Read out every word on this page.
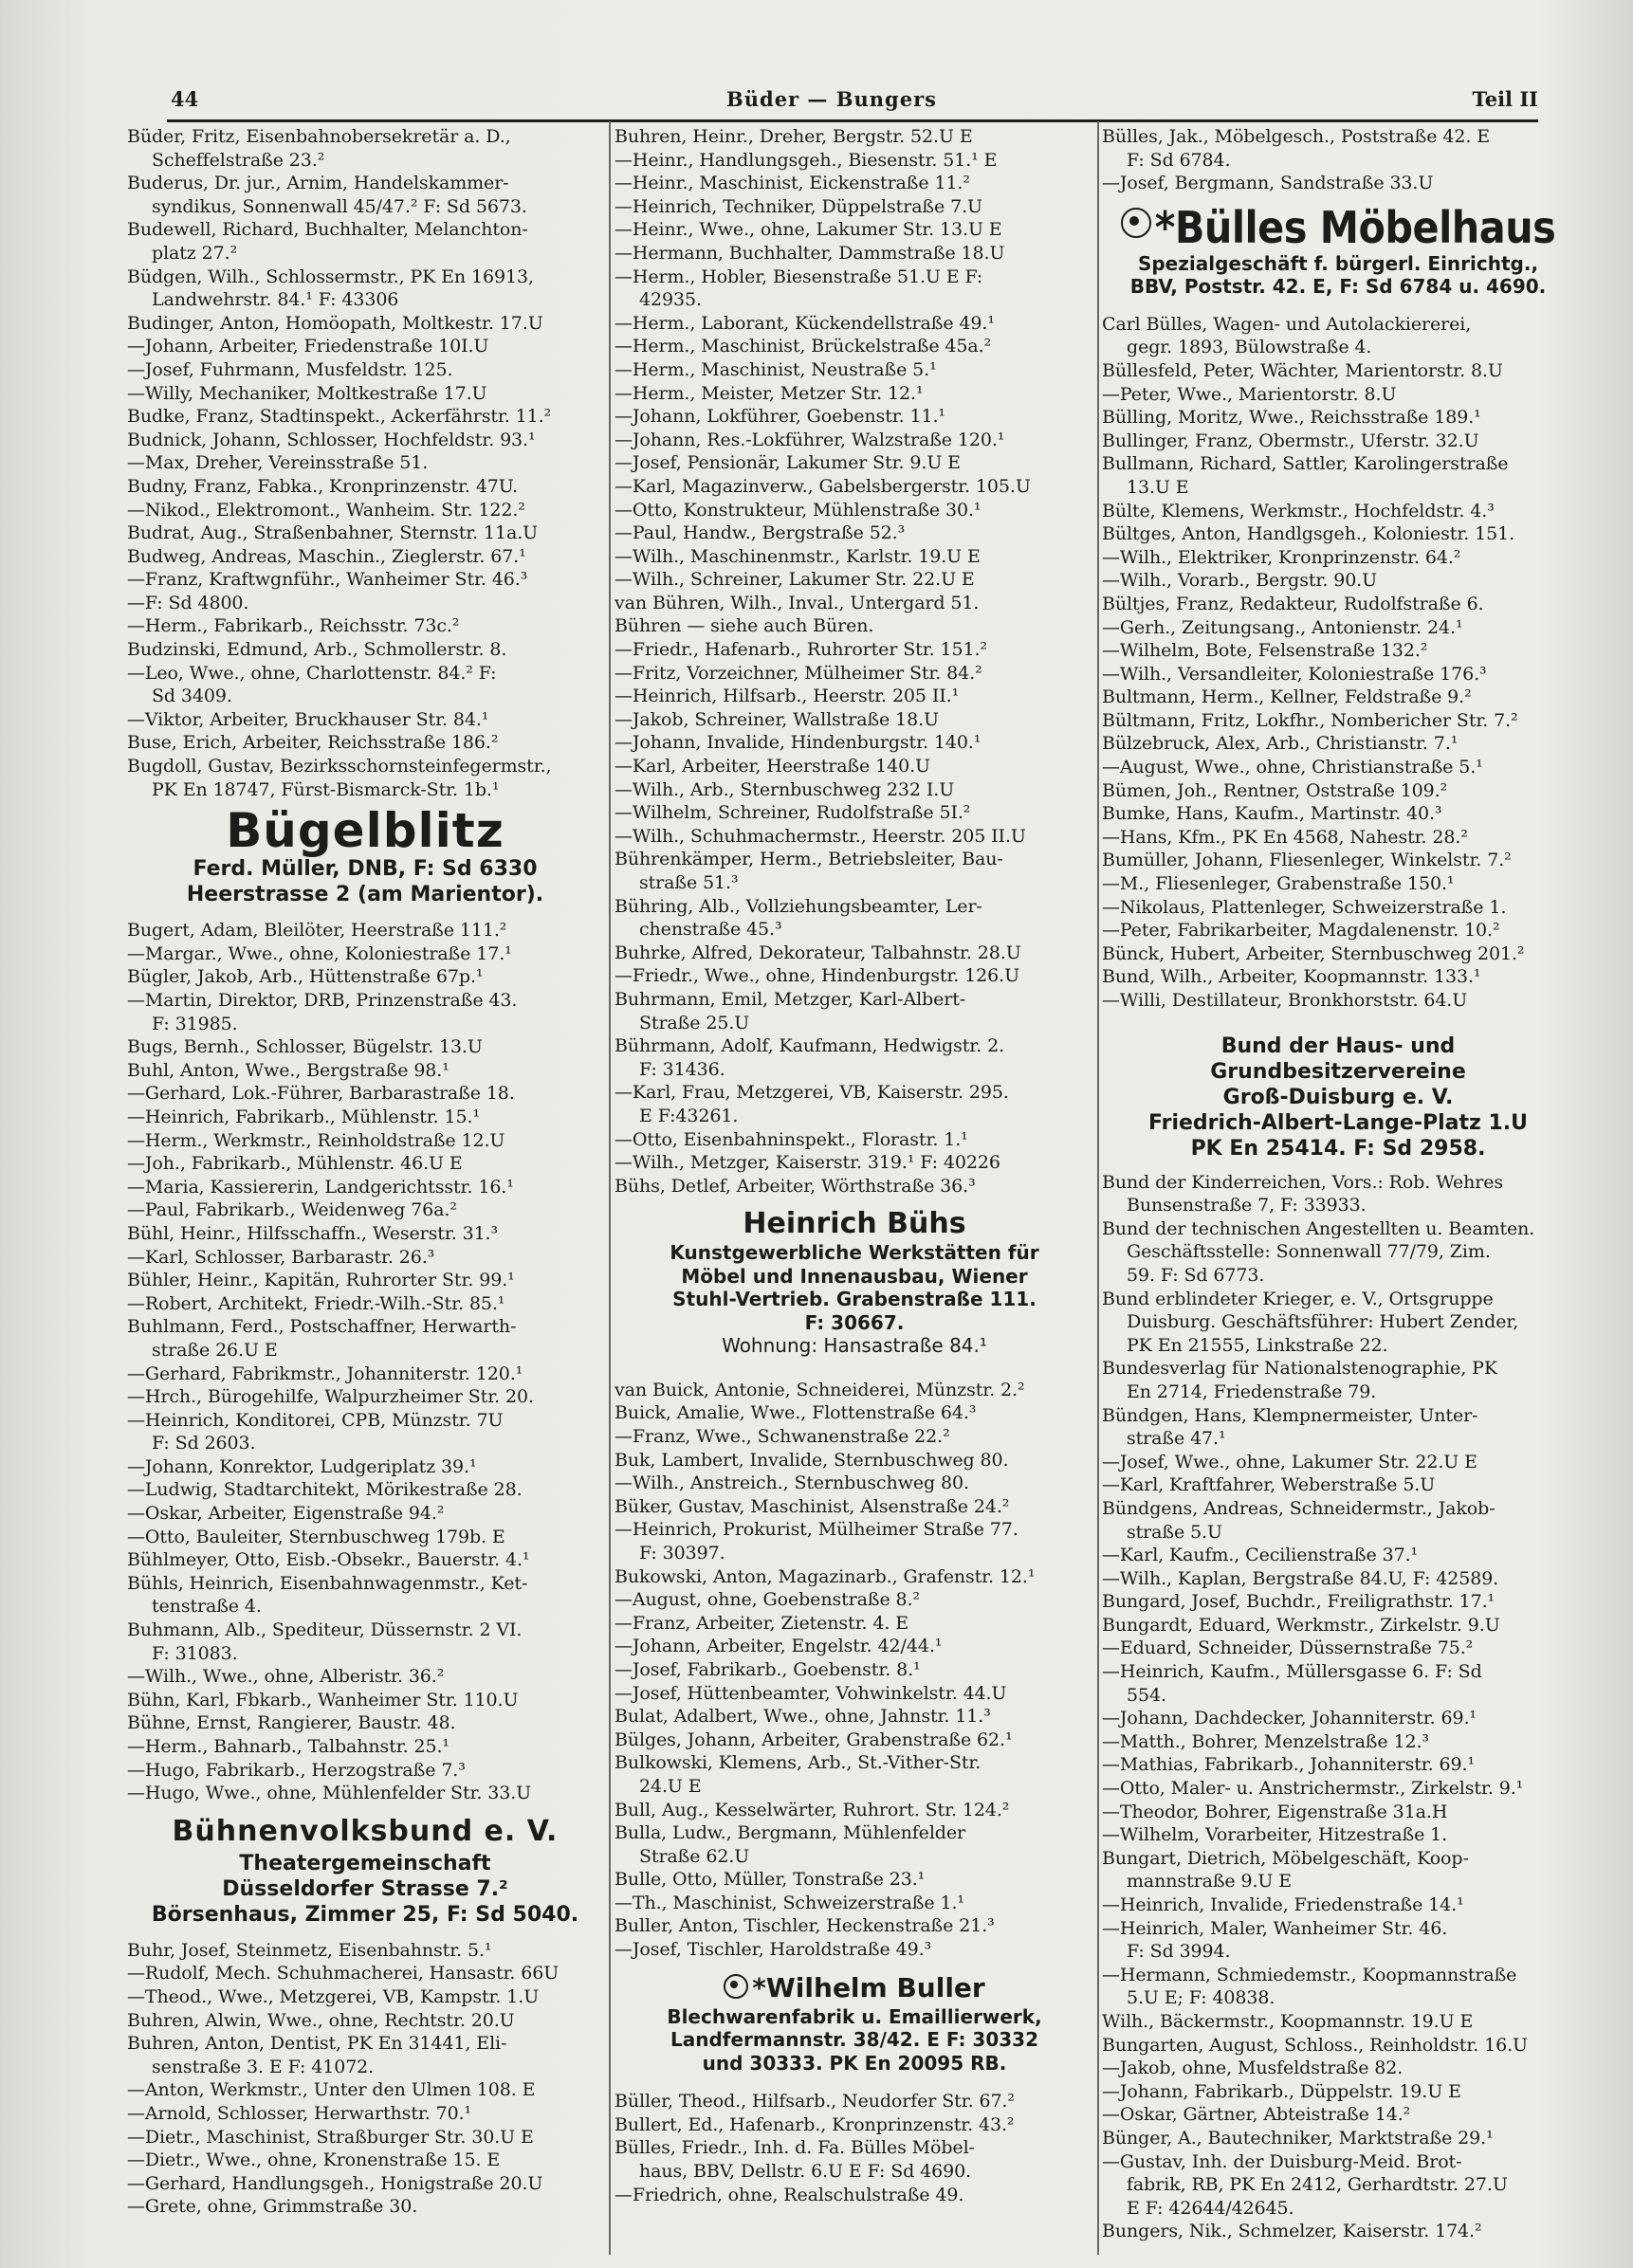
44	Büder — Bungers	Teil II
Büder, Fritz, Eisenbahnobersekretär a. D.,
Scheffelstraße 23.²
Buderus, Dr. jur., Arnim, Handelskammer-
syndikus, Sonnenwall 45/47.² F: Sd 5673.
Budewell, Richard, Buchhalter, Melanchton-
platz 27.²
Büdgen, Wilh., Schlossermstr., PK En 16913,
Landwehrstr. 84.¹ F: 43306
Budinger, Anton, Homöopath, Moltkestr. 17.U
—Johann, Arbeiter, Friedenstraße 10I.U
—Josef, Fuhrmann, Musfeldstr. 125.
—Willy, Mechaniker, Moltkestraße 17.U
Budke, Franz, Stadtinspekt., Ackerfährstr. 11.²
Budnick, Johann, Schlosser, Hochfeldstr. 93.¹
—Max, Dreher, Vereinsstraße 51.
Budny, Franz, Fabka., Kronprinzenstr. 47U.
—Nikod., Elektromont., Wanheim. Str. 122.²
Budrat, Aug., Straßenbahner, Sternstr. 11a.U
Budweg, Andreas, Maschin., Zieglerstr. 67.¹
—Franz, Kraftwgnführ., Wanheimer Str. 46.³
—F: Sd 4800.
—Herm., Fabrikarb., Reichsstr. 73c.²
Budzinski, Edmund, Arb., Schmollerstr. 8.
—Leo, Wwe., ohne, Charlottenstr. 84.² F:
Sd 3409.
—Viktor, Arbeiter, Bruckhauser Str. 84.¹
Buse, Erich, Arbeiter, Reichsstraße 186.²
Bugdoll, Gustav, Bezirksschornsteinfegermstr.,
PK En 18747, Fürst-Bismarck-Str. 1b.¹
Bügelblitz
Ferd. Müller, DNB, F: Sd 6330
Heerstrasse 2 (am Marientor).
Bugert, Adam, Bleilöter, Heerstraße 111.²
—Margar., Wwe., ohne, Koloniestraße 17.¹
Bügler, Jakob, Arb., Hüttenstraße 67p.¹
—Martin, Direktor, DRB, Prinzenstraße 43.
F: 31985.
Bugs, Bernh., Schlosser, Bügelstr. 13.U
Buhl, Anton, Wwe., Bergstraße 98.¹
—Gerhard, Lok.-Führer, Barbarastraße 18.
—Heinrich, Fabrikarb., Mühlenstr. 15.¹
—Herm., Werkmstr., Reinholdstraße 12.U
—Joh., Fabrikarb., Mühlenstr. 46.U E
—Maria, Kassiererin, Landgerichtsstr. 16.¹
—Paul, Fabrikarb., Weidenweg 76a.²
Bühl, Heinr., Hilfsschaffn., Weserstr. 31.³
—Karl, Schlosser, Barbarastr. 26.³
Bühler, Heinr., Kapitän, Ruhrorter Str. 99.¹
—Robert, Architekt, Friedr.-Wilh.-Str. 85.¹
Buhlmann, Ferd., Postschaffner, Herwarth-
straße 26.U E
—Gerhard, Fabrikmstr., Johanniterstr. 120.¹
—Hrch., Bürogehilfe, Walpurzheimer Str. 20.
—Heinrich, Konditorei, CPB, Münzstr. 7U
F: Sd 2603.
—Johann, Konrektor, Ludgeriplatz 39.¹
—Ludwig, Stadtarchitekt, Mörikestraße 28.
—Oskar, Arbeiter, Eigenstraße 94.²
—Otto, Bauleiter, Sternbuschweg 179b. E
Bühlmeyer, Otto, Eisb.-Obsekr., Bauerstr. 4.¹
Bühls, Heinrich, Eisenbahnwagenmstr., Ket-
tenstraße 4.
Buhmann, Alb., Spediteur, Düssernstr. 2 VI.
F: 31083.
—Wilh., Wwe., ohne, Alberistr. 36.²
Bühn, Karl, Fbkarb., Wanheimer Str. 110.U
Bühne, Ernst, Rangierer, Baustr. 48.
—Herm., Bahnarb., Talbahnstr. 25.¹
—Hugo, Fabrikarb., Herzogstraße 7.³
—Hugo, Wwe., ohne, Mühlenfelder Str. 33.U
Bühnenvolksbund e. V.
Theatergemeinschaft
Düsseldorfer Strasse 7.²
Börsenhaus, Zimmer 25, F: Sd 5040.
Buhr, Josef, Steinmetz, Eisenbahnstr. 5.¹
—Rudolf, Mech. Schuhmacherei, Hansastr. 66U
—Theod., Wwe., Metzgerei, VB, Kampstr. 1.U
Buhren, Alwin, Wwe., ohne, Rechtstr. 20.U
Buhren, Anton, Dentist, PK En 31441, Eli-
senstraße 3. E F: 41072.
—Anton, Werkmstr., Unter den Ulmen 108. E
—Arnold, Schlosser, Herwarthstr. 70.¹
—Dietr., Maschinist, Straßburger Str. 30.U E
—Dietr., Wwe., ohne, Kronenstraße 15. E
—Gerhard, Handlungsgeh., Honigstraße 20.U
—Grete, ohne, Grimmstraße 30.
Buhren, Heinr., Dreher, Bergstr. 52.U E
—Heinr., Handlungsgeh., Biesenstr. 51.¹ E
—Heinr., Maschinist, Eickenstraße 11.²
—Heinrich, Techniker, Düppelstraße 7.U
—Heinr., Wwe., ohne, Lakumer Str. 13.U E
—Hermann, Buchhalter, Dammstraße 18.U
—Herm., Hobler, Biesenstraße 51.U E F:
42935.
—Herm., Laborant, Kückendellstraße 49.¹
—Herm., Maschinist, Brückelstraße 45a.²
—Herm., Maschinist, Neustraße 5.¹
—Herm., Meister, Metzer Str. 12.¹
—Johann, Lokführer, Goebenstr. 11.¹
—Johann, Res.-Lokführer, Walzstraße 120.¹
—Josef, Pensionär, Lakumer Str. 9.U E
—Karl, Magazinverw., Gabelsbergerstr. 105.U
—Otto, Konstrukteur, Mühlenstraße 30.¹
—Paul, Handw., Bergstraße 52.³
—Wilh., Maschinenmstr., Karlstr. 19.U E
—Wilh., Schreiner, Lakumer Str. 22.U E
van Bühren, Wilh., Inval., Untergard 51.
Bühren — siehe auch Büren.
—Friedr., Hafenarb., Ruhrorter Str. 151.²
—Fritz, Vorzeichner, Mülheimer Str. 84.²
—Heinrich, Hilfsarb., Heerstr. 205 II.¹
—Jakob, Schreiner, Wallstraße 18.U
—Johann, Invalide, Hindenburgstr. 140.¹
—Karl, Arbeiter, Heerstraße 140.U
—Wilh., Arb., Sternbuschweg 232 I.U
—Wilhelm, Schreiner, Rudolfstraße 5I.²
—Wilh., Schuhmachermstr., Heerstr. 205 II.U
Bührenkämper, Herm., Betriebsleiter, Bau-
straße 51.³
Bühring, Alb., Vollziehungsbeamter, Ler-
chenstraße 45.³
Buhrke, Alfred, Dekorateur, Talbahnstr. 28.U
—Friedr., Wwe., ohne, Hindenburgstr. 126.U
Buhrmann, Emil, Metzger, Karl-Albert-
Straße 25.U
Bührmann, Adolf, Kaufmann, Hedwigstr. 2.
F: 31436.
—Karl, Frau, Metzgerei, VB, Kaiserstr. 295.
E F:43261.
—Otto, Eisenbahninspekt., Florastr. 1.¹
—Wilh., Metzger, Kaiserstr. 319.¹ F: 40226
Bühs, Detlef, Arbeiter, Wörthstraße 36.³
Heinrich Bühs
Kunstgewerbliche Werkstätten für
Möbel und Innenausbau, Wiener
Stuhl-Vertrieb. Grabenstraße 111.
F: 30667.
Wohnung: Hansastraße 84.¹
van Buick, Antonie, Schneiderei, Münzstr. 2.²
Buick, Amalie, Wwe., Flottenstraße 64.³
—Franz, Wwe., Schwanenstraße 22.²
Buk, Lambert, Invalide, Sternbuschweg 80.
—Wilh., Anstreich., Sternbuschweg 80.
Büker, Gustav, Maschinist, Alsenstraße 24.²
—Heinrich, Prokurist, Mülheimer Straße 77.
F: 30397.
Bukowski, Anton, Magazinarb., Grafenstr. 12.¹
—August, ohne, Goebenstraße 8.²
—Franz, Arbeiter, Zietenstr. 4. E
—Johann, Arbeiter, Engelstr. 42/44.¹
—Josef, Fabrikarb., Goebenstr. 8.¹
—Josef, Hüttenbeamter, Vohwinkelstr. 44.U
Bulat, Adalbert, Wwe., ohne, Jahnstr. 11.³
Bülges, Johann, Arbeiter, Grabenstraße 62.¹
Bulkowski, Klemens, Arb., St.-Vither-Str.
24.U E
Bull, Aug., Kesselwärter, Ruhrort. Str. 124.²
Bulla, Ludw., Bergmann, Mühlenfelder
Straße 62.U
Bulle, Otto, Müller, Tonstraße 23.¹
—Th., Maschinist, Schweizerstraße 1.¹
Buller, Anton, Tischler, Heckenstraße 21.³
—Josef, Tischler, Haroldstraße 49.³
*Wilhelm Buller
Blechwarenfabrik u. Emaillierwerk,
Landfermannstr. 38/42. E F: 30332
und 30333. PK En 20095 RB.
Büller, Theod., Hilfsarb., Neudorfer Str. 67.²
Bullert, Ed., Hafenarb., Kronprinzenstr. 43.²
Bülles, Friedr., Inh. d. Fa. Bülles Möbel-
haus, BBV, Dellstr. 6.U E F: Sd 4690.
—Friedrich, ohne, Realschulstraße 49.
Bülles, Jak., Möbelgesch., Poststraße 42. E
F: Sd 6784.
—Josef, Bergmann, Sandstraße 33.U
*Bülles Möbelhaus
Spezialgeschäft f. bürgerl. Einrichtg.,
BBV, Poststr. 42. E, F: Sd 6784 u. 4690.
Carl Bülles, Wagen- und Autolackiererei,
gegr. 1893, Bülowstraße 4.
Büllesfeld, Peter, Wächter, Marientorstr. 8.U
—Peter, Wwe., Marientorstr. 8.U
Bülling, Moritz, Wwe., Reichsstraße 189.¹
Bullinger, Franz, Obermstr., Uferstr. 32.U
Bullmann, Richard, Sattler, Karolingerstraße
13.U E
Bülte, Klemens, Werkmstr., Hochfeldstr. 4.³
Bültges, Anton, Handlgsgeh., Koloniestr. 151.
—Wilh., Elektriker, Kronprinzenstr. 64.²
—Wilh., Vorarb., Bergstr. 90.U
Bültjes, Franz, Redakteur, Rudolfstraße 6.
—Gerh., Zeitungsang., Antonienstr. 24.¹
—Wilhelm, Bote, Felsenstraße 132.²
—Wilh., Versandleiter, Koloniestraße 176.³
Bultmann, Herm., Kellner, Feldstraße 9.²
Bültmann, Fritz, Lokfhr., Nombericher Str. 7.²
Bülzebruck, Alex, Arb., Christianstr. 7.¹
—August, Wwe., ohne, Christianstraße 5.¹
Bümen, Joh., Rentner, Oststraße 109.²
Bumke, Hans, Kaufm., Martinstr. 40.³
—Hans, Kfm., PK En 4568, Nahestr. 28.²
Bumüller, Johann, Fliesenleger, Winkelstr. 7.²
—M., Fliesenleger, Grabenstraße 150.¹
—Nikolaus, Plattenleger, Schweizerstraße 1.
—Peter, Fabrikarbeiter, Magdalenenstr. 10.²
Bünck, Hubert, Arbeiter, Sternbuschweg 201.²
Bund, Wilh., Arbeiter, Koopmannstr. 133.¹
—Willi, Destillateur, Bronkhorststr. 64.U
Bund der Haus- und Grundbesitzervereine
Groß-Duisburg e. V.
Friedrich-Albert-Lange-Platz 1.U
PK En 25414. F: Sd 2958.
Bund der Kinderreichen, Vors.: Rob. Wehres
Bunsenstraße 7, F: 33933.
Bund der technischen Angestellten u. Beamten.
Geschäftsstelle: Sonnenwall 77/79, Zim.
59. F: Sd 6773.
Bund erblindeter Krieger, e. V., Ortsgruppe
Duisburg. Geschäftsführer: Hubert Zender,
PK En 21555, Linkstraße 22.
Bundesverlag für Nationalstenographie, PK
En 2714, Friedenstraße 79.
Bündgen, Hans, Klempnermeister, Unter-
straße 47.¹
—Josef, Wwe., ohne, Lakumer Str. 22.U E
—Karl, Kraftfahrer, Weberstraße 5.U
Bündgens, Andreas, Schneidermstr., Jakob-
straße 5.U
—Karl, Kaufm., Cecilienstraße 37.¹
—Wilh., Kaplan, Bergstraße 84.U, F: 42589.
Bungard, Josef, Buchdr., Freiligrathstr. 17.¹
Bungardt, Eduard, Werkmstr., Zirkelstr. 9.U
—Eduard, Schneider, Düssernstraße 75.²
—Heinrich, Kaufm., Müllersgasse 6. F: Sd
554.
—Johann, Dachdecker, Johanniterstr. 69.¹
—Matth., Bohrer, Menzelstraße 12.³
—Mathias, Fabrikarb., Johanniterstr. 69.¹
—Otto, Maler- u. Anstrichermstr., Zirkelstr. 9.¹
—Theodor, Bohrer, Eigenstraße 31a.H
—Wilhelm, Vorarbeiter, Hitzestraße 1.
Bungart, Dietrich, Möbelgeschäft, Koop-
mannstraße 9.U E
—Heinrich, Invalide, Friedenstraße 14.¹
—Heinrich, Maler, Wanheimer Str. 46.
F: Sd 3994.
—Hermann, Schmiedemstr., Koopmannstraße
5.U E; F: 40838.
Wilh., Bäckermstr., Koopmannstr. 19.U E
Bungarten, August, Schloss., Reinholdstr. 16.U
—Jakob, ohne, Musfeldstraße 82.
—Johann, Fabrikarb., Düppelstr. 19.U E
—Oskar, Gärtner, Abteistraße 14.²
Bünger, A., Bautechniker, Marktstraße 29.¹
—Gustav, Inh. der Duisburg-Meid. Brot-
fabrik, RB, PK En 2412, Gerhardtstr. 27.U
E F: 42644/42645.
Bungers, Nik., Schmelzer, Kaiserstr. 174.²
